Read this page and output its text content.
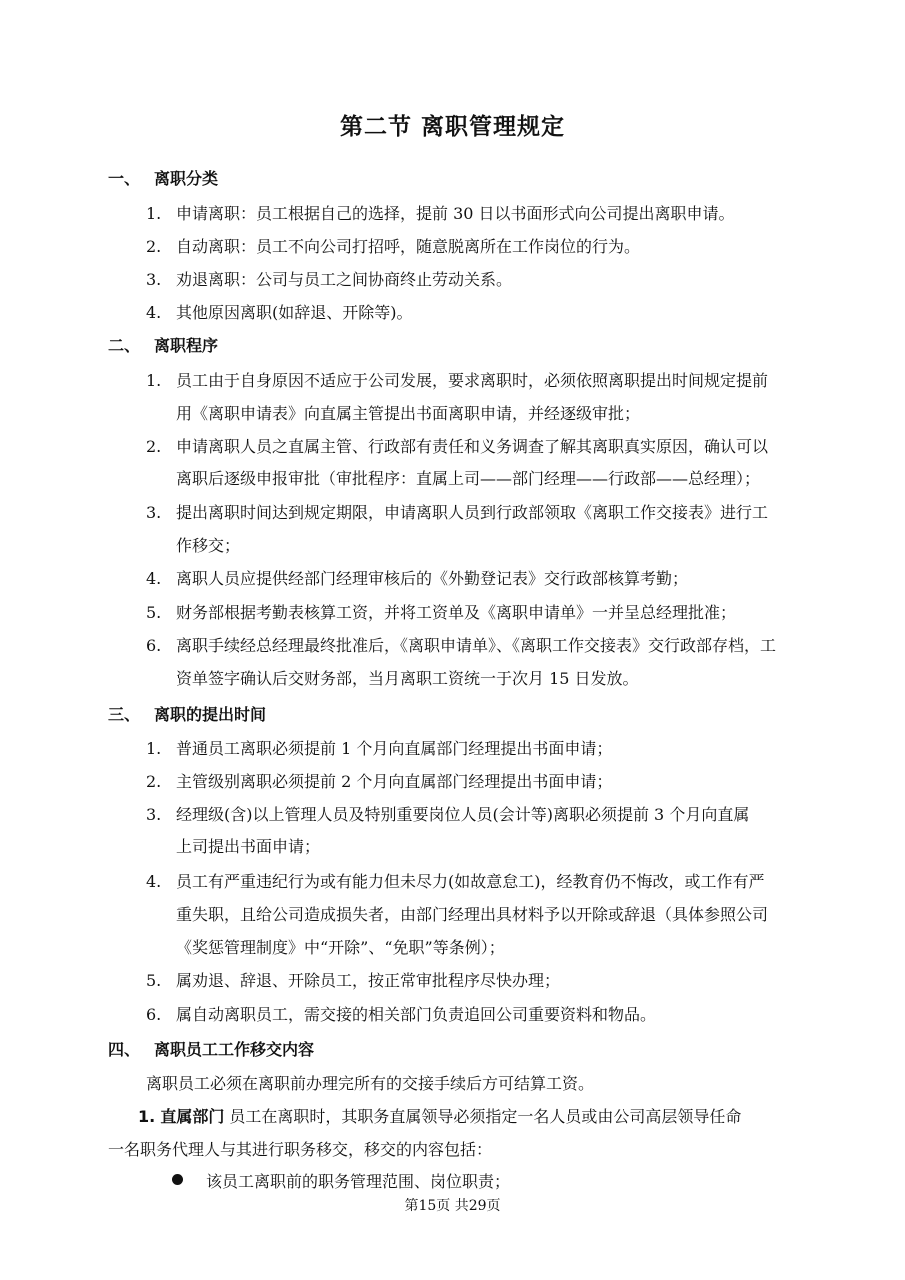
第二节 离职管理规定
一、 离职分类
1. 申请离职：员工根据自己的选择，提前 30 日以书面形式向公司提出离职申请。
2. 自动离职：员工不向公司打招呼，随意脱离所在工作岗位的行为。
3. 劝退离职：公司与员工之间协商终止劳动关系。
4. 其他原因离职(如辞退、开除等)。
二、 离职程序
1. 员工由于自身原因不适应于公司发展，要求离职时，必须依照离职提出时间规定提前
用《离职申请表》向直属主管提出书面离职申请，并经逐级审批；
2. 申请离职人员之直属主管、行政部有责任和义务调查了解其离职真实原因，确认可以
离职后逐级申报审批（审批程序：直属上司——部门经理——行政部——总经理）；
3. 提出离职时间达到规定期限，申请离职人员到行政部领取《离职工作交接表》进行工
作移交；
4. 离职人员应提供经部门经理审核后的《外勤登记表》交行政部核算考勤；
5. 财务部根据考勤表核算工资，并将工资单及《离职申请单》一并呈总经理批准；
6. 离职手续经总经理最终批准后，《离职申请单》、《离职工作交接表》交行政部存档，工
资单签字确认后交财务部，当月离职工资统一于次月 15 日发放。
三、 离职的提出时间
1. 普通员工离职必须提前 1 个月向直属部门经理提出书面申请；
2. 主管级别离职必须提前 2 个月向直属部门经理提出书面申请；
3. 经理级(含)以上管理人员及特别重要岗位人员(会计等)离职必须提前 3 个月向直属
上司提出书面申请；
4. 员工有严重违纪行为或有能力但未尽力(如故意怠工)，经教育仍不悔改，或工作有严
重失职，且给公司造成损失者，由部门经理出具材料予以开除或辞退（具体参照公司
《奖惩管理制度》中“开除”、“免职”等条例）；
5. 属劝退、辞退、开除员工，按正常审批程序尽快办理；
6. 属自动离职员工，需交接的相关部门负责追回公司重要资料和物品。
四、 离职员工工作移交内容
离职员工必须在离职前办理完所有的交接手续后方可结算工资。
1. 直属部门 员工在离职时，其职务直属领导必须指定一名人员或由公司高层领导任命
一名职务代理人与其进行职务移交，移交的内容包括：
该员工离职前的职务管理范围、岗位职责；
第15页 共29页
